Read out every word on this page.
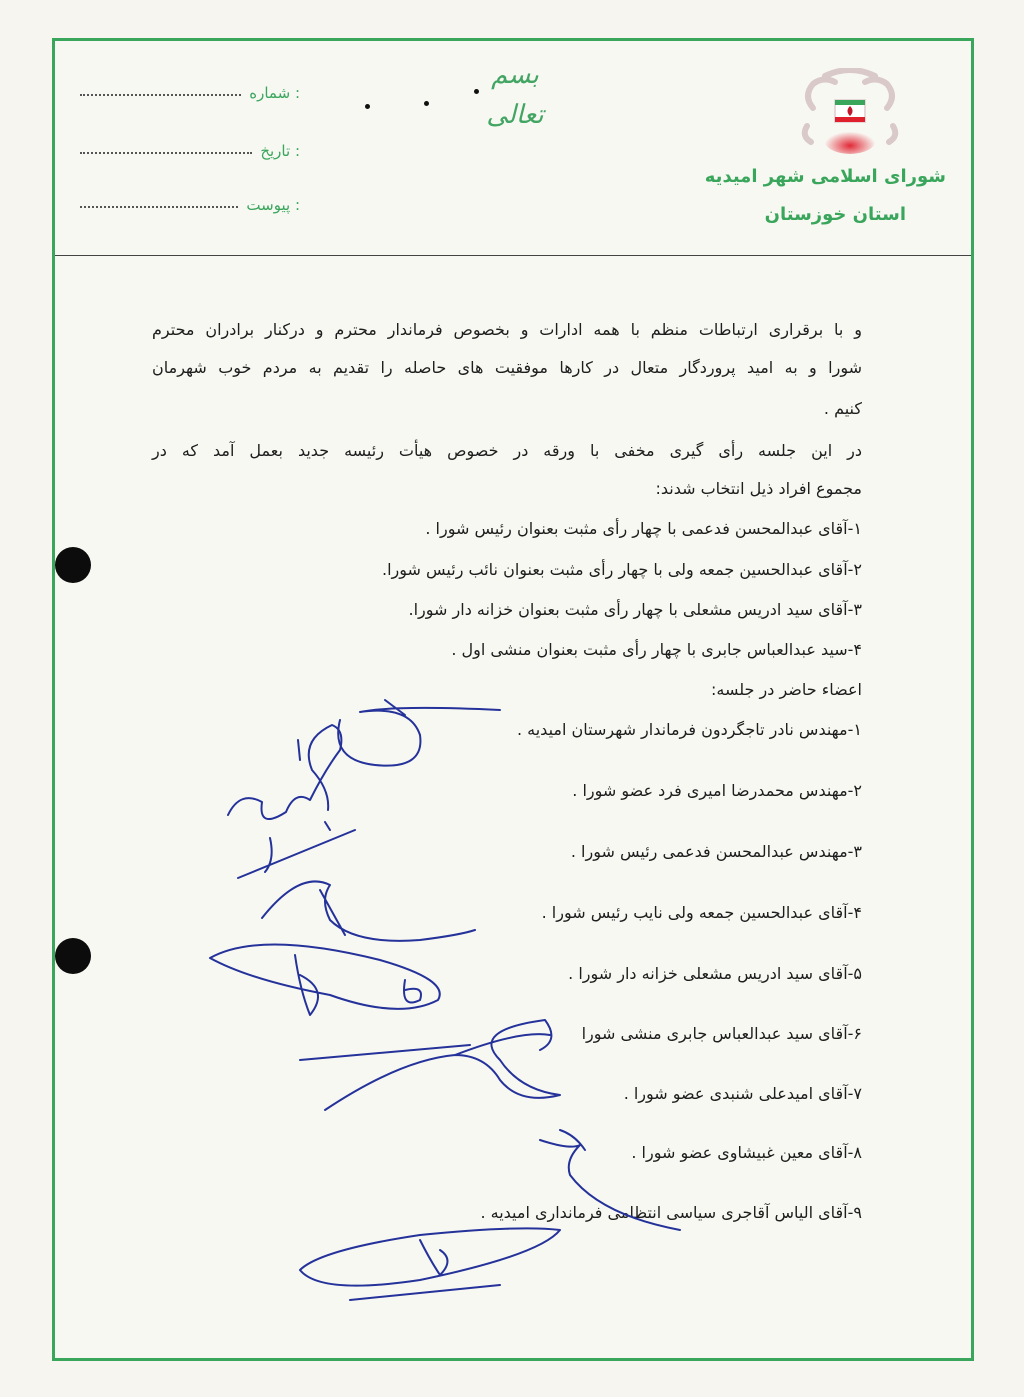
بسم تعالی
شماره :
تاریخ :
پیوست :
شورای اسلامی شهر امیدیه
استان خوزستان
و با برقراری ارتباطات منظم با همه ادارات و بخصوص فرماندار محترم و درکنار برادران محترم
شورا و به امید پروردگار متعال در کارها موفقیت های حاصله را تقدیم به مردم خوب شهرمان
کنیم .
در این جلسه رأی گیری مخفی با ورقه در خصوص هیأت رئیسه جدید بعمل آمد که در
مجموع افراد ذیل انتخاب شدند:
۱-آقای عبدالمحسن فدعمی با چهار رأی مثبت بعنوان رئیس شورا .
۲-آقای عبدالحسین جمعه ولی با چهار رأی مثبت بعنوان نائب رئیس شورا.
۳-آقای سید ادریس مشعلی با چهار رأی مثبت بعنوان خزانه دار شورا.
۴-سید عبدالعباس جابری با چهار رأی مثبت بعنوان منشی اول .
اعضاء حاضر در جلسه:
۱-مهندس نادر تاجگردون فرماندار شهرستان امیدیه .
۲-مهندس محمدرضا امیری فرد عضو شورا .
۳-مهندس عبدالمحسن فدعمی رئیس شورا .
۴-آقای عبدالحسین جمعه ولی نایب رئیس شورا .
۵-آقای سید ادریس مشعلی خزانه دار شورا .
۶-آقای سید عبدالعباس جابری منشی شورا
۷-آقای امیدعلی شنبدی عضو شورا .
۸-آقای معین غبیشاوی عضو شورا .
۹-آقای الیاس آقاجری سیاسی انتظامی فرمانداری امیدیه .
